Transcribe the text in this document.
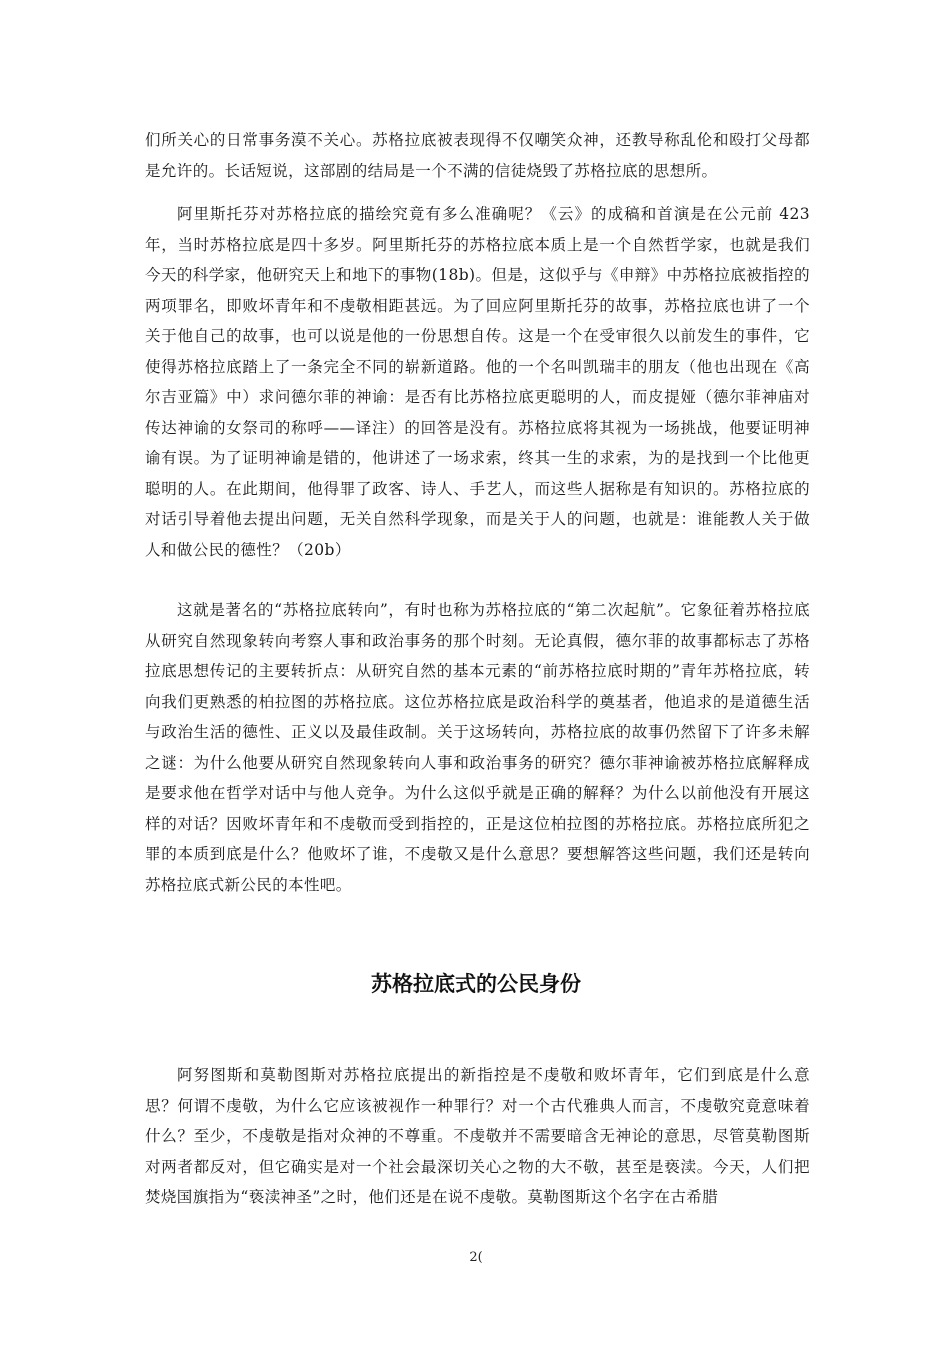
们所关心的日常事务漠不关心。苏格拉底被表现得不仅嘲笑众神，还教导称乱伦和殴打父母都是允许的。长话短说，这部剧的结局是一个不满的信徒烧毁了苏格拉底的思想所。

阿里斯托芬对苏格拉底的描绘究竟有多么准确呢？《云》的成稿和首演是在公元前 423 年，当时苏格拉底是四十多岁。阿里斯托芬的苏格拉底本质上是一个自然哲学家，也就是我们今天的科学家，他研究天上和地下的事物(18b)。但是，这似乎与《申辩》中苏格拉底被指控的两项罪名，即败坏青年和不虔敬相距甚远。为了回应阿里斯托芬的故事，苏格拉底也讲了一个关于他自己的故事，也可以说是他的一份思想自传。这是一个在受审很久以前发生的事件，它使得苏格拉底踏上了一条完全不同的崭新道路。他的一个名叫凯瑞丰的朋友（他也出现在《高尔吉亚篇》中）求问德尔菲的神谕：是否有比苏格拉底更聪明的人，而皮提娅（德尔菲神庙对传达神谕的女祭司的称呼——译注）的回答是没有。苏格拉底将其视为一场挑战，他要证明神谕有误。为了证明神谕是错的，他讲述了一场求索，终其一生的求索，为的是找到一个比他更聪明的人。在此期间，他得罪了政客、诗人、手艺人，而这些人据称是有知识的。苏格拉底的对话引导着他去提出问题，无关自然科学现象，而是关于人的问题，也就是：谁能教人关于做人和做公民的德性？（20b）

这就是著名的“苏格拉底转向”，有时也称为苏格拉底的“第二次起航”。它象征着苏格拉底从研究自然现象转向考察人事和政治事务的那个时刻。无论真假，德尔菲的故事都标志了苏格拉底思想传记的主要转折点：从研究自然的基本元素的“前苏格拉底时期的”青年苏格拉底，转向我们更熟悉的柏拉图的苏格拉底。这位苏格拉底是政治科学的奠基者，他追求的是道德生活与政治生活的德性、正义以及最佳政制。关于这场转向，苏格拉底的故事仍然留下了许多未解之谜：为什么他要从研究自然现象转向人事和政治事务的研究？德尔菲神谕被苏格拉底解释成是要求他在哲学对话中与他人竞争。为什么这似乎就是正确的解释？为什么以前他没有开展这样的对话？因败坏青年和不虔敬而受到指控的，正是这位柏拉图的苏格拉底。苏格拉底所犯之罪的本质到底是什么？他败坏了谁，不虔敬又是什么意思？要想解答这些问题，我们还是转向苏格拉底式新公民的本性吧。

苏格拉底式的公民身份

阿努图斯和莫勒图斯对苏格拉底提出的新指控是不虔敬和败坏青年，它们到底是什么意思？何谓不虔敬，为什么它应该被视作一种罪行？对一个古代雅典人而言，不虔敬究竟意味着什么？至少，不虔敬是指对众神的不尊重。不虔敬并不需要暗含无神论的意思，尽管莫勒图斯对两者都反对，但它确实是对一个社会最深切关心之物的大不敬，甚至是亵渎。今天，人们把焚烧国旗指为“亵渎神圣”之时，他们还是在说不虔敬。莫勒图斯这个名字在古希腊

2(
